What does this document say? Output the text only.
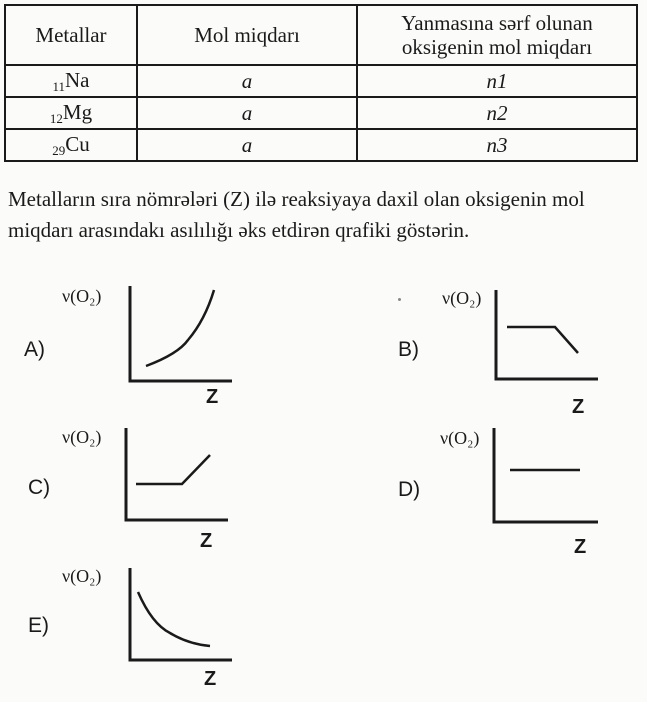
Metallar	Mol miqdarı	Yanmasına sərf olunan oksigenin mol miqdarı
$_{11}$Na	a	n1
$_{12}$Mg	a	n2
$_{29}$Cu	a	n3

Metalların sıra nömrələri (Z) ilə reaksiyaya daxil olan oksigenin mol miqdarı arasındakı asılılığı əks etdirən qrafiki göstərin.

A)
ν(O₂)
Z
B)
ν(O₂)
Z
C)
ν(O₂)
Z
D)
ν(O₂)
Z
E)
ν(O₂)
Z
